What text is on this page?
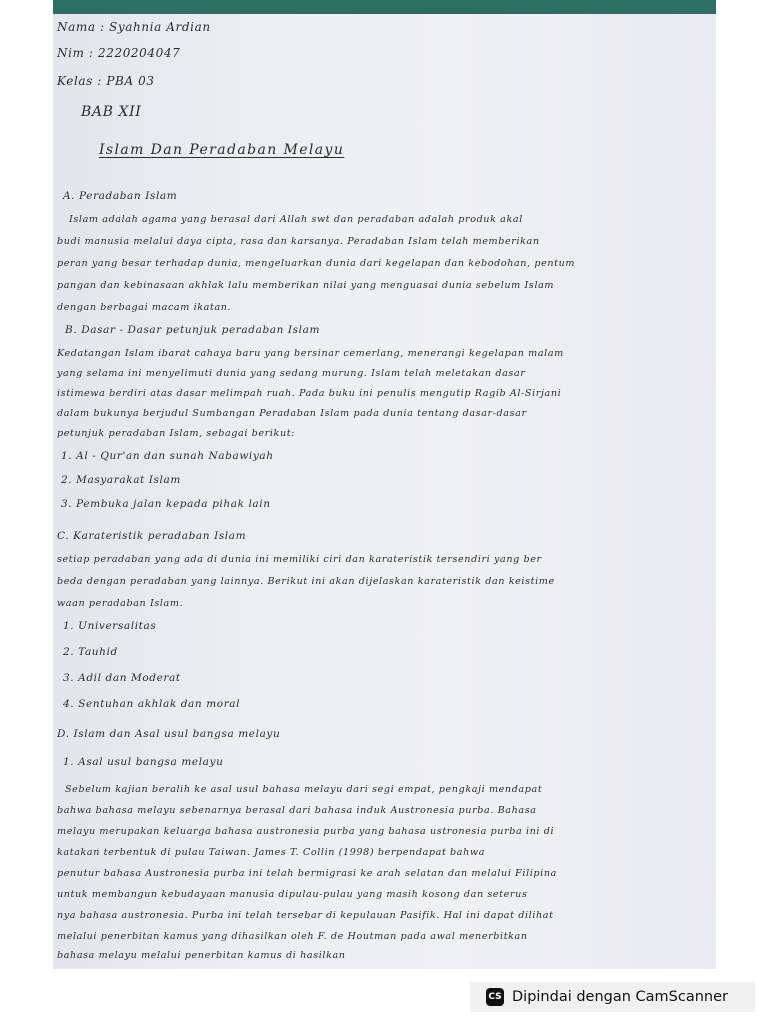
Nama : Syahnia Ardian
Nim : 2220204047
Kelas : PBA 03
BAB XII
Islam Dan Peradaban Melayu
A. Peradaban Islam
Islam adalah agama yang berasal dari Allah swt dan peradaban adalah produk akal
budi manusia melalui daya cipta, rasa dan karsanya. Peradaban Islam telah memberikan
peran yang besar terhadap dunia, mengeluarkan dunia dari kegelapan dan kebodohan, pentum
pangan dan kebinasaan akhlak lalu memberikan nilai yang menguasai dunia sebelum Islam
dengan berbagai macam ikatan.
B. Dasar - Dasar petunjuk peradaban Islam
Kedatangan Islam ibarat cahaya baru yang bersinar cemerlang, menerangi kegelapan malam
yang selama ini menyelimuti dunia yang sedang murung. Islam telah meletakan dasar
istimewa berdiri atas dasar melimpah ruah. Pada buku ini penulis mengutip Ragib Al-Sirjani
dalam bukunya berjudul Sumbangan Peradaban Islam pada dunia tentang dasar-dasar
petunjuk peradaban Islam, sebagai berikut:
1. Al - Qur'an dan sunah Nabawiyah
2. Masyarakat Islam
3. Pembuka jalan kepada pihak lain
C. Karateristik peradaban Islam
setiap peradaban yang ada di dunia ini memiliki ciri dan karateristik tersendiri yang ber
beda dengan peradaban yang lainnya. Berikut ini akan dijelaskan karateristik dan keistime
waan peradaban Islam.
1. Universalitas
2. Tauhid
3. Adil dan Moderat
4. Sentuhan akhlak dan moral
D. Islam dan Asal usul bangsa melayu
1. Asal usul bangsa melayu
Sebelum kajian beralih ke asal usul bahasa melayu dari segi empat, pengkaji mendapat
bahwa bahasa melayu sebenarnya berasal dari bahasa induk Austronesia purba. Bahasa
melayu merupakan keluarga bahasa austronesia purba yang bahasa ustronesia purba ini di
katakan terbentuk di pulau Taiwan. James T. Collin (1998) berpendapat bahwa
penutur bahasa Austronesia purba ini telah bermigrasi ke arah selatan dan melalui Filipina
untuk membangun kebudayaan manusia dipulau-pulau yang masih kosong dan seterus
nya bahasa austronesia. Purba ini telah tersebar di kepulauan Pasifik. Hal ini dapat dilihat
melalui penerbitan kamus yang dihasilkan oleh F. de Houtman pada awal menerbitkan
bahasa melayu melalui penerbitan kamus di hasilkan
CS Dipindai dengan CamScanner
